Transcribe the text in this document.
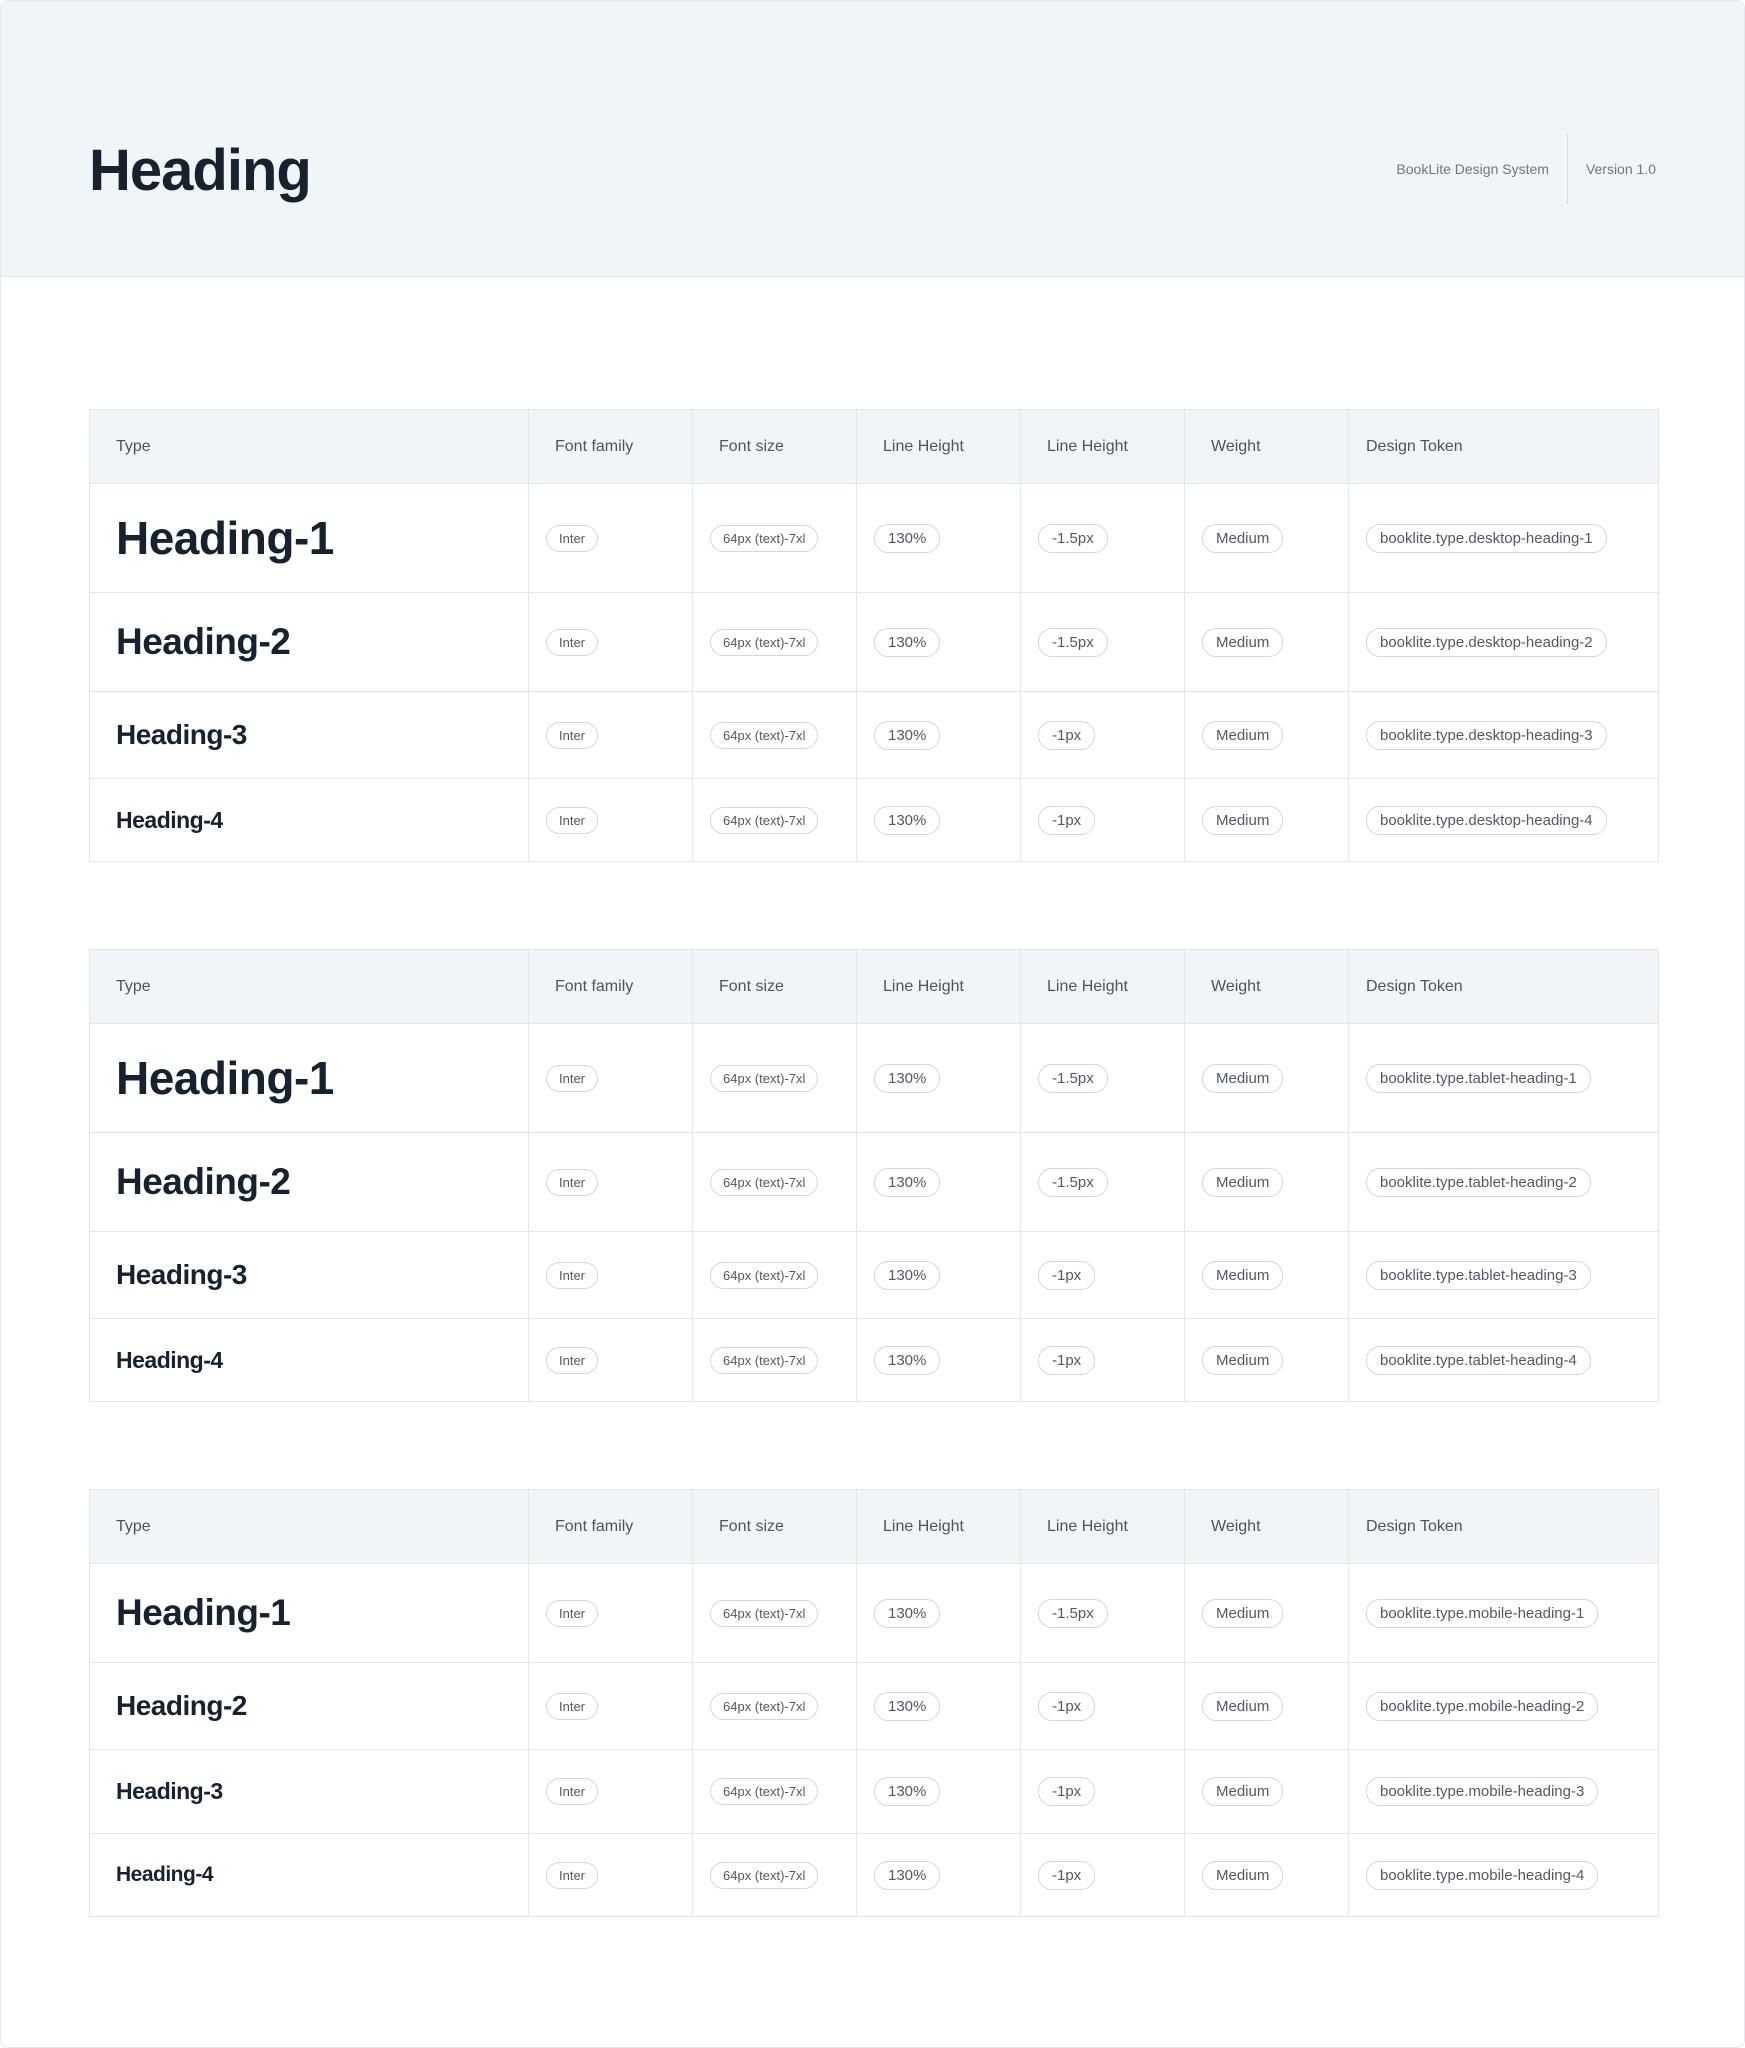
Heading	BookLite Design System	Version 1.0
Type	Font family	Font size	Line Height	Line Height	Weight	Design Token
Heading-1	Inter	64px (text)-7xl	130%	-1.5px	Medium	booklite.type.desktop-heading-1
Heading-2	Inter	64px (text)-7xl	130%	-1.5px	Medium	booklite.type.desktop-heading-2
Heading-3	Inter	64px (text)-7xl	130%	-1px	Medium	booklite.type.desktop-heading-3
Heading-4	Inter	64px (text)-7xl	130%	-1px	Medium	booklite.type.desktop-heading-4
Type	Font family	Font size	Line Height	Line Height	Weight	Design Token
Heading-1	Inter	64px (text)-7xl	130%	-1.5px	Medium	booklite.type.tablet-heading-1
Heading-2	Inter	64px (text)-7xl	130%	-1.5px	Medium	booklite.type.tablet-heading-2
Heading-3	Inter	64px (text)-7xl	130%	-1px	Medium	booklite.type.tablet-heading-3
Heading-4	Inter	64px (text)-7xl	130%	-1px	Medium	booklite.type.tablet-heading-4
Type	Font family	Font size	Line Height	Line Height	Weight	Design Token
Heading-1	Inter	64px (text)-7xl	130%	-1.5px	Medium	booklite.type.mobile-heading-1
Heading-2	Inter	64px (text)-7xl	130%	-1px	Medium	booklite.type.mobile-heading-2
Heading-3	Inter	64px (text)-7xl	130%	-1px	Medium	booklite.type.mobile-heading-3
Heading-4	Inter	64px (text)-7xl	130%	-1px	Medium	booklite.type.mobile-heading-4
